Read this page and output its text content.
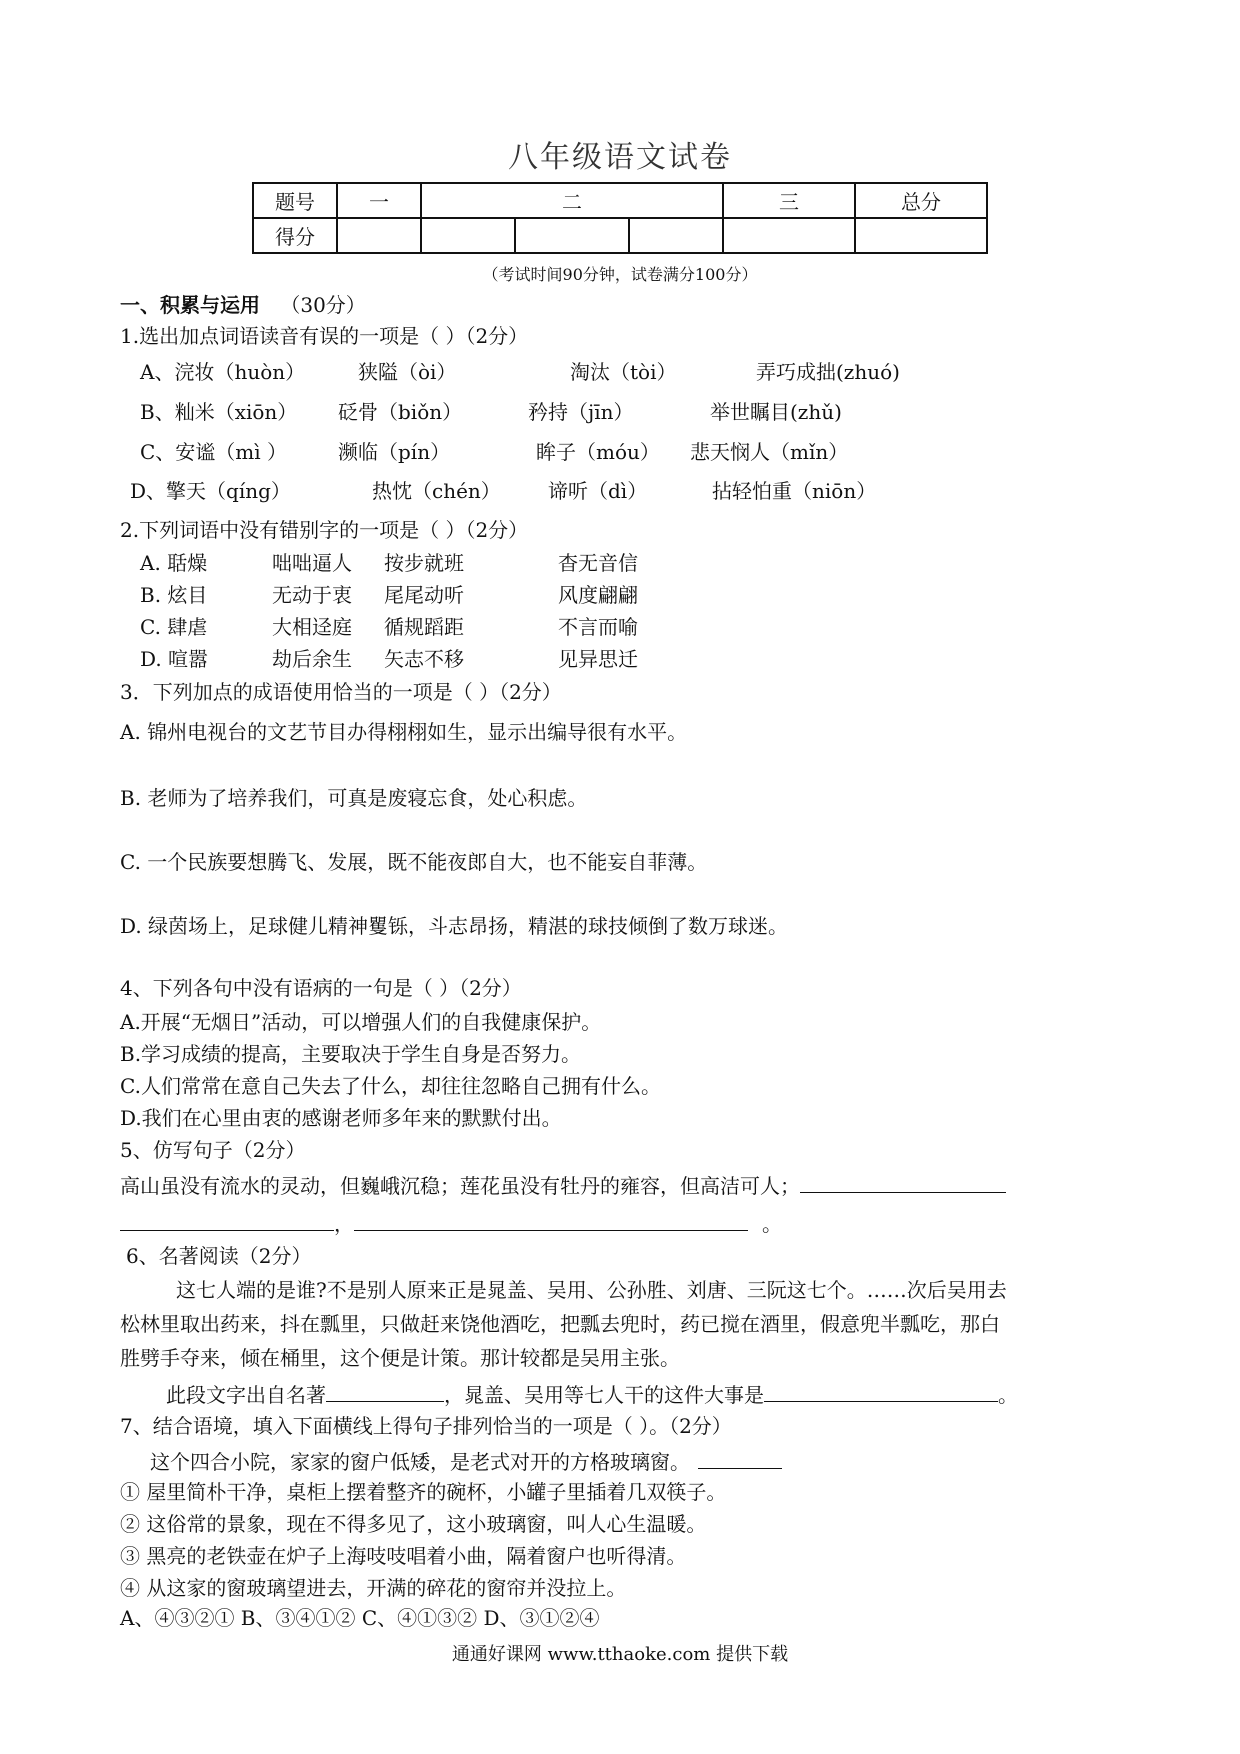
八年级语文试卷
题号	一	二			三	总分
得分						
（考试时间90分钟，试卷满分100分）
一、积累与运用 （30分）
1.选出加点词语读音有误的一项是（ ）（2分）
A、浣妆（huòn）	狭隘（òi）	淘汰（tòi）	弄巧成拙(zhuó)
B、籼米（xiōn） 砭骨（biǒn）	矜持（jīn）	举世瞩目(zhǔ)
C、安谧（mì ）	濒临（pín）	眸子（móu） 悲天悯人（mǐn）
D、擎天（qíng）	热忱（chén） 谛听（dì）	拈轻怕重（niōn）
2.下列词语中没有错别字的一项是（ ）（2分）
A. 聒燥	咄咄逼人 按步就班	杳无音信
B. 炫目	无动于衷 尾尾动听	风度翩翩
C. 肆虐	大相迳庭 循规蹈距	不言而喻
D. 喧嚣	劫后余生 矢志不移	见异思迁
3．下列加点的成语使用恰当的一项是（ ）（2分）
A. 锦州电视台的文艺节目办得栩栩如生，显示出编导很有水平。
B. 老师为了培养我们，可真是废寝忘食，处心积虑。
C. 一个民族要想腾飞、发展，既不能夜郎自大，也不能妄自菲薄。
D. 绿茵场上，足球健儿精神矍铄，斗志昂扬，精湛的球技倾倒了数万球迷。
4、下列各句中没有语病的一句是（ ）（2分）
A.开展“无烟日”活动，可以增强人们的自我健康保护。
B.学习成绩的提高，主要取决于学生自身是否努力。
C.人们常常在意自己失去了什么，却往往忽略自己拥有什么。
D.我们在心里由衷的感谢老师多年来的默默付出。
5、仿写句子（2分）
高山虽没有流水的灵动，但巍峨沉稳；莲花虽没有牡丹的雍容，但高洁可人；
，	。
6、名著阅读（2分）
这七人端的是谁?不是别人原来正是晁盖、吴用、公孙胜、刘唐、三阮这七个。……次后吴用去
松林里取出药来，抖在瓢里，只做赶来饶他酒吃，把瓢去兜时，药已搅在酒里，假意兜半瓢吃，那白
胜劈手夺来，倾在桶里，这个便是计策。那计较都是吴用主张。
此段文字出自名著	，晁盖、吴用等七人干的这件大事是	。
7、结合语境，填入下面横线上得句子排列恰当的一项是（ ）。（2分）
这个四合小院，家家的窗户低矮，是老式对开的方格玻璃窗。
① 屋里简朴干净，桌柜上摆着整齐的碗杯，小罐子里插着几双筷子。
② 这俗常的景象，现在不得多见了，这小玻璃窗，叫人心生温暖。
③ 黑亮的老铁壶在炉子上海吱吱唱着小曲，隔着窗户也听得清。
④ 从这家的窗玻璃望进去，开满的碎花的窗帘并没拉上。
A、④③②① B、③④①② C、④①③② D、③①②④
通通好课网 www.tthaoke.com 提供下载
